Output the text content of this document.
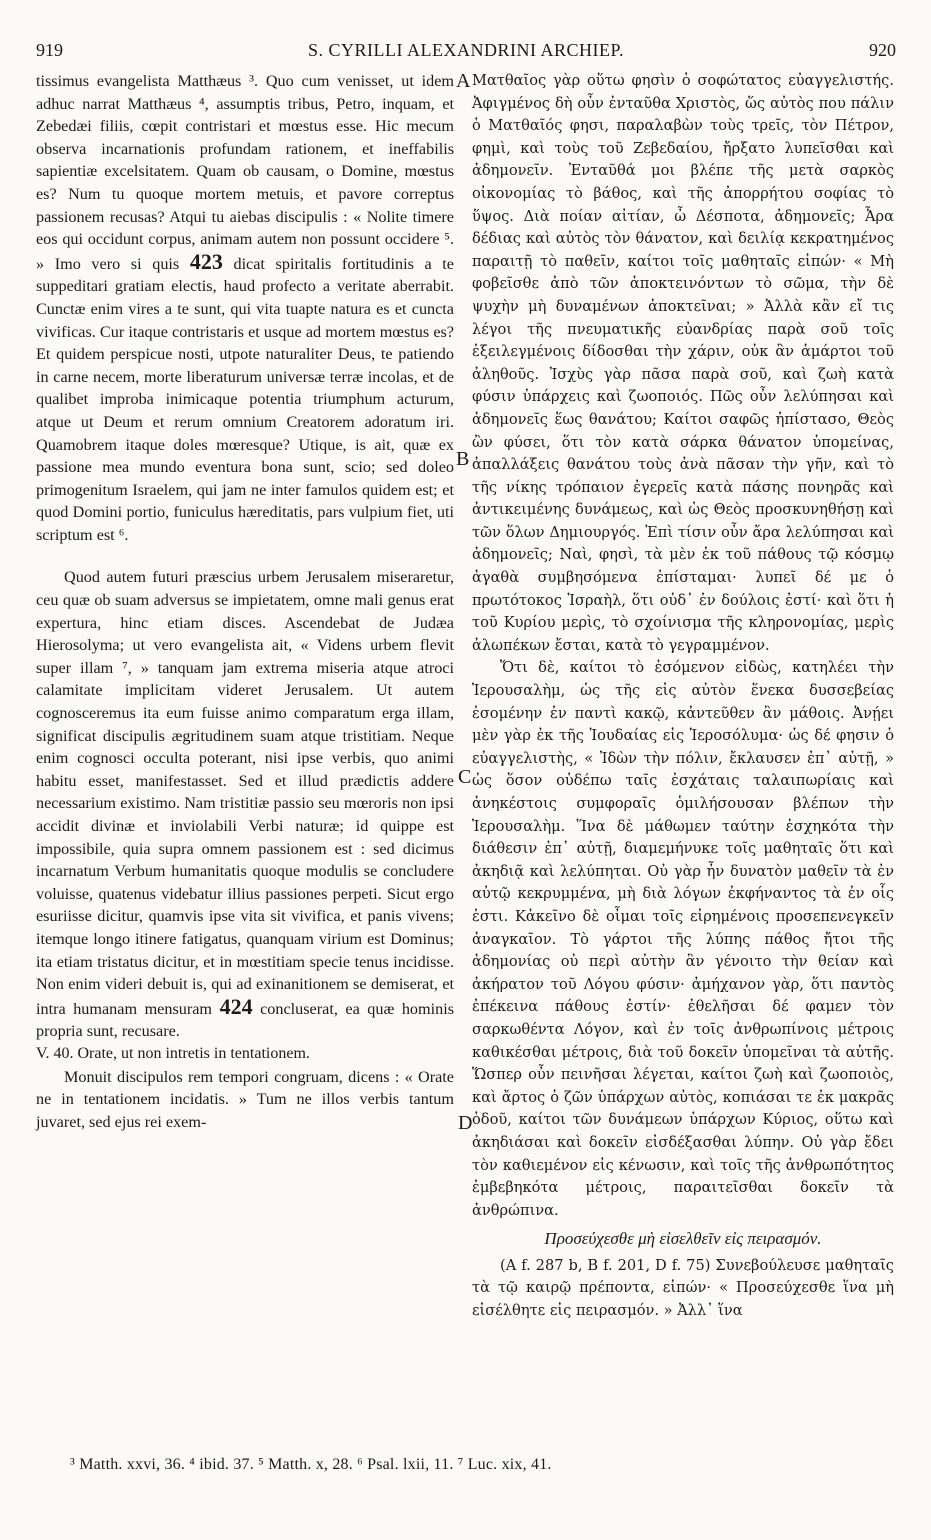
919	S. CYRILLI ALEXANDRINI ARCHIEP.	920
A
B
C
D

tissimus evangelista Matthæus ³. Quo cum venisset, ut idem adhuc narrat Matthæus ⁴, assumptis tribus, Petro, inquam, et Zebedæi filiis, cœpit contristari et mœstus esse. Hic mecum observa incarnationis profundam rationem, et ineffabilis sapientiæ excelsitatem. Quam ob causam, o Domine, mœstus es? Num tu quoque mortem metuis, et pavore correptus passionem recusas? Atqui tu aiebas discipulis : « Nolite timere eos qui occidunt corpus, animam autem non possunt occidere ⁵. » Imo vero si quis 423 dicat spiritalis fortitudinis a te suppeditari gratiam electis, haud profecto a veritate aberrabit. Cunctæ enim vires a te sunt, qui vita tuapte natura es et cuncta vivificas. Cur itaque contristaris et usque ad mortem mœstus es? Et quidem perspicue nosti, utpote naturaliter Deus, te patiendo in carne necem, morte liberaturum universæ terræ incolas, et de qualibet improba inimicaque potentia triumphum acturum, atque ut Deum et rerum omnium Creatorem adoratum iri. Quamobrem itaque doles mœresque? Utique, is ait, quæ ex passione mea mundo eventura bona sunt, scio; sed doleo primogenitum Israelem, qui jam ne inter famulos quidem est; et quod Domini portio, funiculus hæreditatis, pars vulpium fiet, uti scriptum est ⁶.

Quod autem futuri præscius urbem Jerusalem miseraretur, ceu quæ ob suam adversus se impietatem, omne mali genus erat expertura, hinc etiam disces. Ascendebat de Judæa Hierosolyma; ut vero evangelista ait, « Videns urbem flevit super illam ⁷, » tanquam jam extrema miseria atque atroci calamitate implicitam videret Jerusalem. Ut autem cognosceremus ita eum fuisse animo comparatum erga illam, significat discipulis ægritudinem suam atque tristitiam. Neque enim cognosci occulta poterant, nisi ipse verbis, quo animi habitu esset, manifestasset. Sed et illud prædictis addere necessarium existimo. Nam tristitiæ passio seu mœroris non ipsi accidit divinæ et inviolabili Verbi naturæ; id quippe est impossibile, quia supra omnem passionem est : sed dicimus incarnatum Verbum humanitatis quoque modulis se concludere voluisse, quatenus videbatur illius passiones perpeti. Sicut ergo esuriisse dicitur, quamvis ipse vita sit vivifica, et panis vivens; itemque longo itinere fatigatus, quanquam virium est Dominus; ita etiam tristatus dicitur, et in mœstitiam specie tenus incidisse. Non enim videri debuit is, qui ad exinanitionem se demiserat, et intra humanam mensuram 424 concluserat, ea quæ hominis propria sunt, recusare.

V. 40. Orate, ut non intretis in tentationem.

Monuit discipulos rem tempori congruam, dicens : « Orate ne in tentationem incidatis. » Tum ne illos verbis tantum juvaret, sed ejus rei exem-

Ματθαῖος γὰρ οὕτω φησὶν ὁ σοφώτατος εὐαγγελιστής. Ἀφιγμένος δὴ οὖν ἐνταῦθα Χριστὸς, ὥς αὐτὸς που πάλιν ὁ Ματθαῖός φησι, παραλαβὼν τοὺς τρεῖς, τὸν Πέτρον, φημὶ, καὶ τοὺς τοῦ Ζεβεδαίου, ἤρξατο λυπεῖσθαι καὶ ἀδημονεῖν. Ἐνταῦθά μοι βλέπε τῆς μετὰ σαρκὸς οἰκονομίας τὸ βάθος, καὶ τῆς ἀπορρήτου σοφίας τὸ ὕψος. Διὰ ποίαν αἰτίαν, ὦ Δέσποτα, ἀδημονεῖς; Ἆρα δέδιας καὶ αὐτὸς τὸν θάνατον, καὶ δειλίᾳ κεκρατημένος παραιτῇ τὸ παθεῖν, καίτοι τοῖς μαθηταῖς εἰπών· « Μὴ φοβεῖσθε ἀπὸ τῶν ἀποκτεινόντων τὸ σῶμα, τὴν δὲ ψυχὴν μὴ δυναμένων ἀποκτεῖναι; » Ἀλλὰ κἂν εἴ τις λέγοι τῆς πνευματικῆς εὐανδρίας παρὰ σοῦ τοῖς ἐξειλεγμένοις δίδοσθαι τὴν χάριν, οὐκ ἂν ἁμάρτοι τοῦ ἀληθοῦς. Ἰσχὺς γὰρ πᾶσα παρὰ σοῦ, καὶ ζωὴ κατὰ φύσιν ὑπάρχεις καὶ ζωοποιός. Πῶς οὖν λελύπησαι καὶ ἀδημονεῖς ἕως θανάτου; Καίτοι σαφῶς ἠπίστασο, Θεὸς ὢν φύσει, ὅτι τὸν κατὰ σάρκα θάνατον ὑπομείνας, ἀπαλλάξεις θανάτου τοὺς ἀνὰ πᾶσαν τὴν γῆν, καὶ τὸ τῆς νίκης τρόπαιον ἐγερεῖς κατὰ πάσης πονηρᾶς καὶ ἀντικειμένης δυνάμεως, καὶ ὡς Θεὸς προσκυνηθήσῃ καὶ τῶν ὅλων Δημιουργός. Ἐπὶ τίσιν οὖν ἄρα λελύπησαι καὶ ἀδημονεῖς; Ναὶ, φησὶ, τὰ μὲν ἐκ τοῦ πάθους τῷ κόσμῳ ἀγαθὰ συμβησόμενα ἐπίσταμαι· λυπεῖ δέ με ὁ πρωτότοκος Ἰσραὴλ, ὅτι οὐδ᾽ ἐν δούλοις ἐστί· καὶ ὅτι ἡ τοῦ Κυρίου μερὶς, τὸ σχοίνισμα τῆς κληρονομίας, μερὶς ἀλωπέκων ἔσται, κατὰ τὸ γεγραμμένον.

Ὅτι δὲ, καίτοι τὸ ἐσόμενον εἰδὼς, κατηλέει τὴν Ἱερουσαλὴμ, ὡς τῆς εἰς αὐτὸν ἕνεκα δυσσεβείας ἐσομένην ἐν παντὶ κακῷ, κἀντεῦθεν ἂν μάθοις. Ἀνῄει μὲν γὰρ ἐκ τῆς Ἰουδαίας εἰς Ἱεροσόλυμα· ὡς δέ φησιν ὁ εὐαγγελιστὴς, « Ἰδὼν τὴν πόλιν, ἔκλαυσεν ἐπ᾽ αὐτῇ, » ὡς ὅσον οὐδέπω ταῖς ἐσχάταις ταλαιπωρίαις καὶ ἀνηκέστοις συμφοραῖς ὁμιλήσουσαν βλέπων τὴν Ἱερουσαλὴμ. Ἵνα δὲ μάθωμεν ταύτην ἐσχηκότα τὴν διάθεσιν ἐπ᾽ αὐτῇ, διαμεμήνυκε τοῖς μαθηταῖς ὅτι καὶ ἀκηδιᾷ καὶ λελύπηται. Οὐ γὰρ ἦν δυνατὸν μαθεῖν τὰ ἐν αὐτῷ κεκρυμμένα, μὴ διὰ λόγων ἐκφήναντος τὰ ἐν οἷς ἐστι. Κἀκεῖνο δὲ οἶμαι τοῖς εἰρημένοις προσεπενεγκεῖν ἀναγκαῖον. Τὸ γάρτοι τῆς λύπης πάθος ἤτοι τῆς ἀδημονίας οὐ περὶ αὐτὴν ἂν γένοιτο τὴν θείαν καὶ ἀκήρατον τοῦ Λόγου φύσιν· ἀμήχανον γὰρ, ὅτι παντὸς ἐπέκεινα πάθους ἐστίν· ἐθελῆσαι δέ φαμεν τὸν σαρκωθέντα Λόγον, καὶ ἐν τοῖς ἀνθρωπίνοις μέτροις καθικέσθαι μέτροις, διὰ τοῦ δοκεῖν ὑπομεῖναι τὰ αὐτῆς. Ὥσπερ οὖν πεινῆσαι λέγεται, καίτοι ζωὴ καὶ ζωοποιὸς, καὶ ἄρτος ὁ ζῶν ὑπάρχων αὐτὸς, κοπιάσαι τε ἐκ μακρᾶς ὁδοῦ, καίτοι τῶν δυνάμεων ὑπάρχων Κύριος, οὕτω καὶ ἀκηδιάσαι καὶ δοκεῖν εἰσδέξασθαι λύπην. Οὐ γὰρ ἔδει τὸν καθιεμένον εἰς κένωσιν, καὶ τοῖς τῆς ἀνθρωπότητος ἐμβεβηκότα μέτροις, παραιτεῖσθαι δοκεῖν τὰ ἀνθρώπινα.

Προσεύχεσθε μὴ εἰσελθεῖν εἰς πειρασμόν.

(A f. 287 b, B f. 201, D f. 75) Συνεβούλευσε μαθηταῖς τὰ τῷ καιρῷ πρέποντα, εἰπών· « Προσεύχεσθε ἵνα μὴ εἰσέλθητε εἰς πειρασμόν. » Ἀλλ᾽ ἵνα

³ Matth. xxvi, 36. ⁴ ibid. 37. ⁵ Matth. x, 28. ⁶ Psal. lxii, 11. ⁷ Luc. xix, 41.
